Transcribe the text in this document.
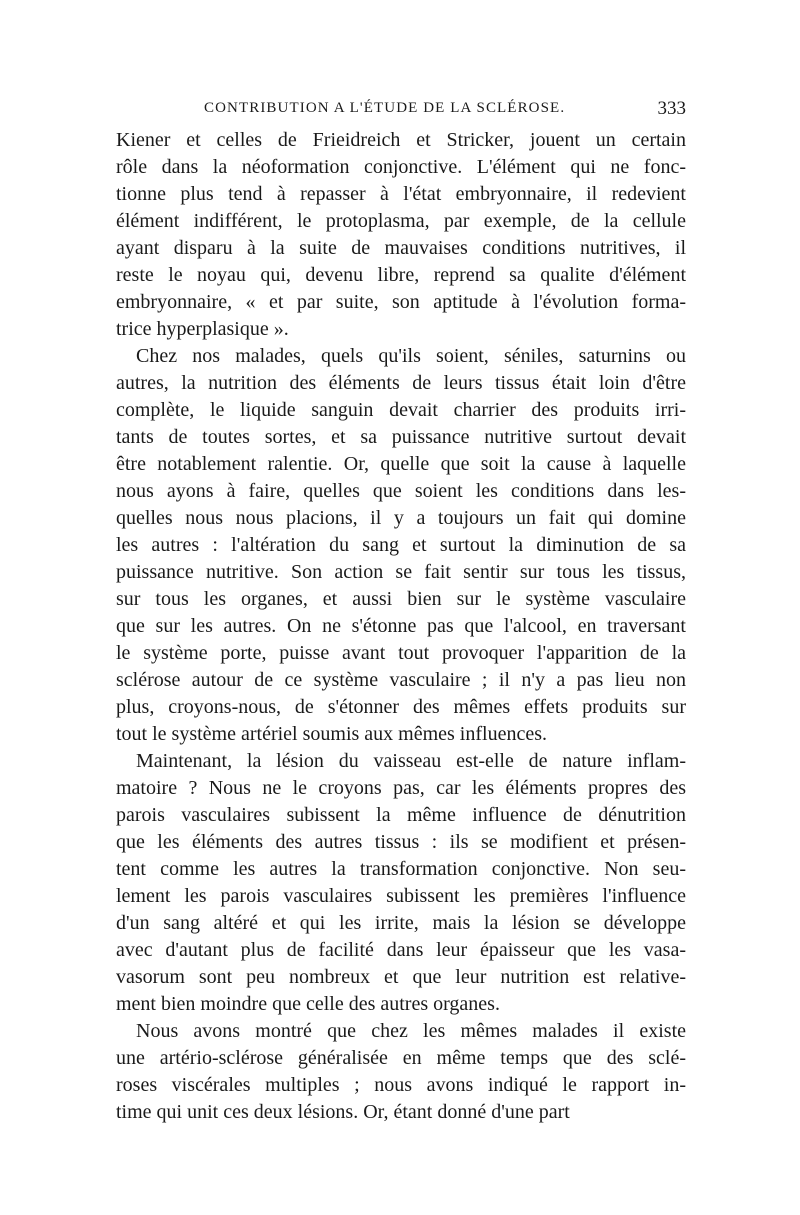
CONTRIBUTION A L'ÉTUDE DE LA SCLÉROSE.	333
Kiener et celles de Frieidreich et Stricker, jouent un certain
rôle dans la néoformation conjonctive. L'élément qui ne fonc-
tionne plus tend à repasser à l'état embryonnaire, il redevient
élément indifférent, le protoplasma, par exemple, de la cellule
ayant disparu à la suite de mauvaises conditions nutritives, il
reste le noyau qui, devenu libre, reprend sa qualite d'élément
embryonnaire, « et par suite, son aptitude à l'évolution forma-
trice hyperplasique ».
Chez nos malades, quels qu'ils soient, séniles, saturnins ou
autres, la nutrition des éléments de leurs tissus était loin d'être
complète, le liquide sanguin devait charrier des produits irri-
tants de toutes sortes, et sa puissance nutritive surtout devait
être notablement ralentie. Or, quelle que soit la cause à laquelle
nous ayons à faire, quelles que soient les conditions dans les-
quelles nous nous placions, il y a toujours un fait qui domine
les autres : l'altération du sang et surtout la diminution de sa
puissance nutritive. Son action se fait sentir sur tous les tissus,
sur tous les organes, et aussi bien sur le système vasculaire
que sur les autres. On ne s'étonne pas que l'alcool, en traversant
le système porte, puisse avant tout provoquer l'apparition de la
sclérose autour de ce système vasculaire ; il n'y a pas lieu non
plus, croyons-nous, de s'étonner des mêmes effets produits sur
tout le système artériel soumis aux mêmes influences.
Maintenant, la lésion du vaisseau est-elle de nature inflam-
matoire ? Nous ne le croyons pas, car les éléments propres des
parois vasculaires subissent la même influence de dénutrition
que les éléments des autres tissus : ils se modifient et présen-
tent comme les autres la transformation conjonctive. Non seu-
lement les parois vasculaires subissent les premières l'influence
d'un sang altéré et qui les irrite, mais la lésion se développe
avec d'autant plus de facilité dans leur épaisseur que les vasa-
vasorum sont peu nombreux et que leur nutrition est relative-
ment bien moindre que celle des autres organes.
Nous avons montré que chez les mêmes malades il existe
une artério-sclérose généralisée en même temps que des sclé-
roses viscérales multiples ; nous avons indiqué le rapport in-
time qui unit ces deux lésions. Or, étant donné d'une part
